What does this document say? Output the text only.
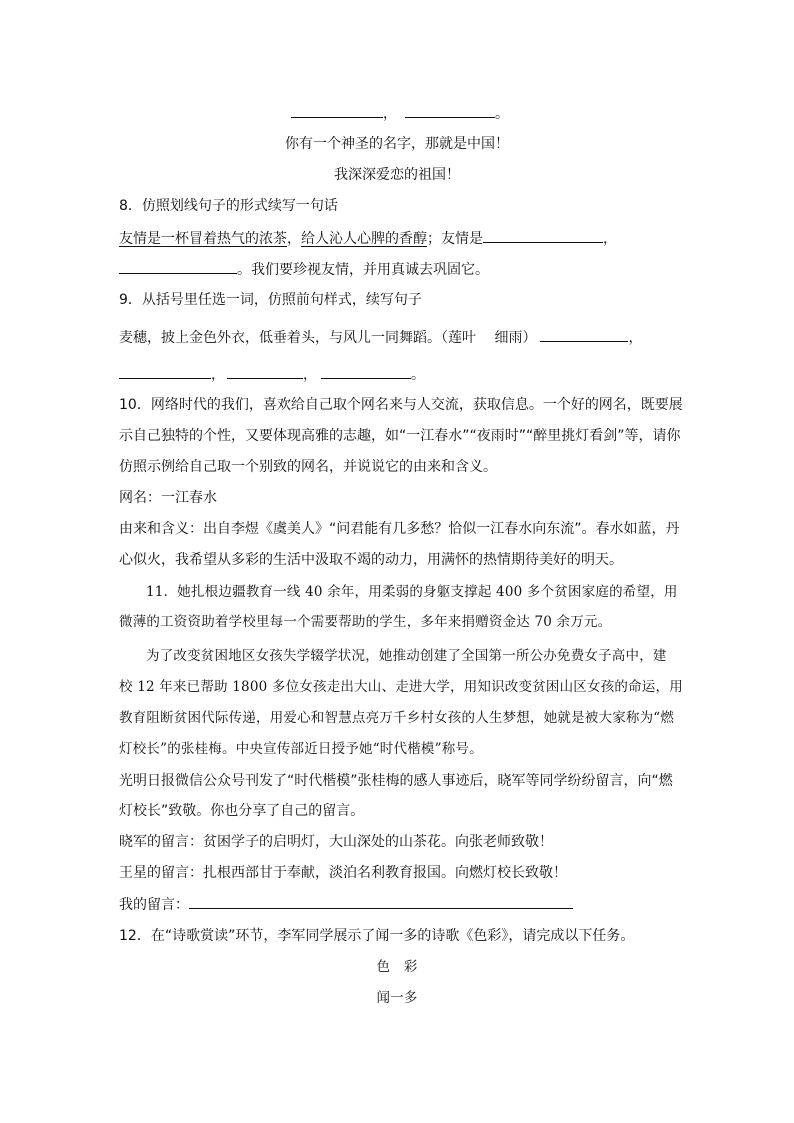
，	。
你有一个神圣的名字，那就是中国！
我深深爱恋的祖国！
8．仿照划线句子的形式续写一句话
友情是一杯冒着热气的浓茶，给人沁人心脾的香醇；友情是	，
。我们要珍视友情，并用真诚去巩固它。
9．从括号里任选一词，仿照前句样式，续写句子
麦穗，披上金色外衣，低垂着头，与风儿一同舞蹈。（莲叶　 细雨）	，
，	，	。
10．网络时代的我们，喜欢给自己取个网名来与人交流，获取信息。一个好的网名，既要展
示自己独特的个性，又要体现高雅的志趣，如“一江春水”“夜雨时”“醉里挑灯看剑”等，请你
仿照示例给自己取一个别致的网名，并说说它的由来和含义。
网名：一江春水
由来和含义：出自李煜《虞美人》“问君能有几多愁？恰似一江春水向东流”。春水如蓝，丹
心似火，我希望从多彩的生活中汲取不竭的动力，用满怀的热情期待美好的明天。
11．她扎根边疆教育一线 40 余年，用柔弱的身躯支撑起 400 多个贫困家庭的希望，用
微薄的工资资助着学校里每一个需要帮助的学生，多年来捐赠资金达 70 余万元。
为了改变贫困地区女孩失学辍学状况，她推动创建了全国第一所公办免费女子高中，建
校 12 年来已帮助 1800 多位女孩走出大山、走进大学，用知识改变贫困山区女孩的命运，用
教育阻断贫困代际传递，用爱心和智慧点亮万千乡村女孩的人生梦想，她就是被大家称为“燃
灯校长”的张桂梅。中央宣传部近日授予她“时代楷模”称号。
光明日报微信公众号刊发了“时代楷模”张桂梅的感人事迹后，晓军等同学纷纷留言，向“燃
灯校长”致敬。你也分享了自己的留言。
晓军的留言：贫困学子的启明灯，大山深处的山茶花。向张老师致敬！
王星的留言：扎根西部甘于奉献，淡泊名利教育报国。向燃灯校长致敬！
我的留言：
12．在“诗歌赏读”环节，李军同学展示了闻一多的诗歌《色彩》，请完成以下任务。
色　彩
闻一多
